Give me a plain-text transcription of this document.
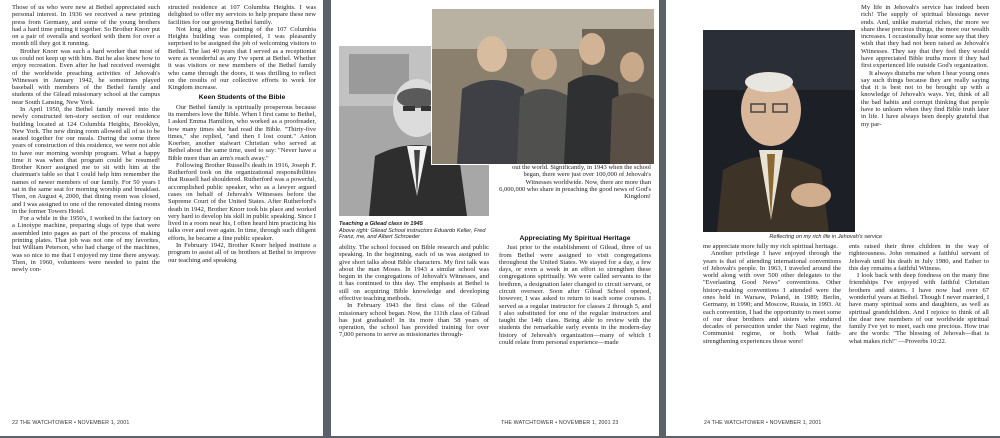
Those of us who were new at Bethel appreciated such personal interest. In 1936 we received a new printing press from Germany, and some of the young brothers had a hard time putting it together. So Brother Knorr put on a pair of overalls and worked with them for over a month till they got it running.

Brother Knorr was such a hard worker that most of us could not keep up with him. But he also knew how to enjoy recreation. Even after he had received oversight of the worldwide preaching activities of Jehovah's Witnesses in January 1942, he sometimes played baseball with members of the Bethel family and students of the Gilead missionary school at the campus near South Lansing, New York.

In April 1950, the Bethel family moved into the newly constructed ten-story section of our residence building located at 124 Columbia Heights, Brooklyn, New York. The new dining room allowed all of us to be seated together for our meals. During the some three years of construction of this residence, we were not able to have our morning worship program. What a happy time it was when that program could be resumed! Brother Knorr assigned me to sit with him at the chairman's table so that I could help him remember the names of newer members of our family. For 50 years I sat in the same seat for morning worship and breakfast. Then, on August 4, 2000, that dining room was closed, and I was assigned to one of the renovated dining rooms in the former Towers Hotel.

For a while in the 1950's, I worked in the factory on a Linotype machine, preparing slugs of type that were assembled into pages as part of the process of making printing plates. That job was not one of my favorites, but William Peterson, who had charge of the machines, was so nice to me that I enjoyed my time there anyway. Then, in 1960, volunteers were needed to paint the newly con-

structed residence at 107 Columbia Heights. I was delighted to offer my services to help prepare these new facilities for our growing Bethel family.

Not long after the painting of the 107 Columbia Heights building was completed, I was pleasantly surprised to be assigned the job of welcoming visitors to Bethel. The last 40 years that I served as a receptionist were as wonderful as any I've spent at Bethel. Whether it was visitors or new members of the Bethel family who came through the doors, it was thrilling to reflect on the results of our collective efforts to work for Kingdom increase.

Keen Students of the Bible

Our Bethel family is spiritually prosperous because its members love the Bible. When I first came to Bethel, I asked Emma Hamilton, who worked as a proofreader, how many times she had read the Bible. "Thirty-five times," she replied, "and then I lost count." Anton Koerber, another stalwart Christian who served at Bethel about the same time, used to say: "Never have a Bible more than an arm's reach away."

Following Brother Russell's death in 1916, Joseph F. Rutherford took on the organizational responsibilities that Russell had shouldered. Rutherford was a powerful, accomplished public speaker, who as a lawyer argued cases on behalf of Jehovah's Witnesses before the Supreme Court of the United States. After Rutherford's death in 1942, Brother Knorr took his place and worked very hard to develop his skill in public speaking. Since I lived in a room near his, I often heard him practicing his talks over and over again. In time, through such diligent efforts, he became a fine public speaker.

In February 1942, Brother Knorr helped institute a program to assist all of us brothers at Bethel to improve our teaching and speaking

22 THE WATCHTOWER • NOVEMBER 1, 2001

out the world. Significantly, in 1943 when the school began, there were just over 100,000 of Jehovah's Witnesses worldwide. Now, there are more than 6,000,000 who share in preaching the good news of God's Kingdom!

Teaching a Gilead class in 1945
Above right: Gilead School instructors Eduardo Keller, Fred Franz, me, and Albert Schroeder

ability. The school focused on Bible research and public speaking. In the beginning, each of us was assigned to give short talks about Bible characters. My first talk was about the man Moses. In 1943 a similar school was begun in the congregations of Jehovah's Witnesses, and it has continued to this day. The emphasis at Bethel is still on acquiring Bible knowledge and developing effective teaching methods.

In February 1943 the first class of the Gilead missionary school began. Now, the 111th class of Gilead has just graduated! In its more than 58 years of operation, the school has provided training for over 7,000 persons to serve as missionaries through-

Appreciating My Spiritual Heritage

Just prior to the establishment of Gilead, three of us from Bethel were assigned to visit congregations throughout the United States. We stayed for a day, a few days, or even a week in an effort to strengthen these congregations spiritually. We were called servants to the brethren, a designation later changed to circuit servant, or circuit overseer. Soon after Gilead School opened, however, I was asked to return to teach some courses. I served as a regular instructor for classes 2 through 5, and I also substituted for one of the regular instructors and taught the 14th class. Being able to review with the students the remarkable early events in the modern-day history of Jehovah's organization—many of which I could relate from personal experience—made

THE WATCHTOWER • NOVEMBER 1, 2001 23
Reflecting on my rich life in Jehovah's service

My life in Jehovah's service has indeed been rich! The supply of spiritual blessings never ends. And, unlike material riches, the more we share these precious things, the more our wealth increases. I occasionally hear some say that they wish that they had not been raised as Jehovah's Witnesses. They say that they feel they would have appreciated Bible truths more if they had first experienced life outside God's organization.

It always disturbs me when I hear young ones say such things because they are really saying that it is best not to be brought up with a knowledge of Jehovah's ways. Yet, think of all the bad habits and corrupt thinking that people have to unlearn when they find Bible truth later in life. I have always been deeply grateful that my par-

me appreciate more fully my rich spiritual heritage.

Another privilege I have enjoyed through the years is that of attending international conventions of Jehovah's people. In 1963, I traveled around the world along with over 500 other delegates to the "Everlasting Good News" conventions. Other history-making conventions I attended were the ones held in Warsaw, Poland, in 1989; Berlin, Germany, in 1990; and Moscow, Russia, in 1993. At each convention, I had the opportunity to meet some of our dear brothers and sisters who endured decades of persecution under the Nazi regime, the Communist regime, or both. What faith-strengthening experiences those were!

ents raised their three children in the way of righteousness. John remained a faithful servant of Jehovah until his death in July 1980, and Esther to this day remains a faithful Witness.

I look back with deep fondness on the many fine friendships I've enjoyed with faithful Christian brothers and sisters. I have now had over 67 wonderful years at Bethel. Though I never married, I have many spiritual sons and daughters, as well as spiritual grandchildren. And I rejoice to think of all the dear new members of our worldwide spiritual family I've yet to meet, each one precious. How true are the words: "The blessing of Jehovah—that is what makes rich!" —Proverbs 10:22.

24 THE WATCHTOWER • NOVEMBER 1, 2001
